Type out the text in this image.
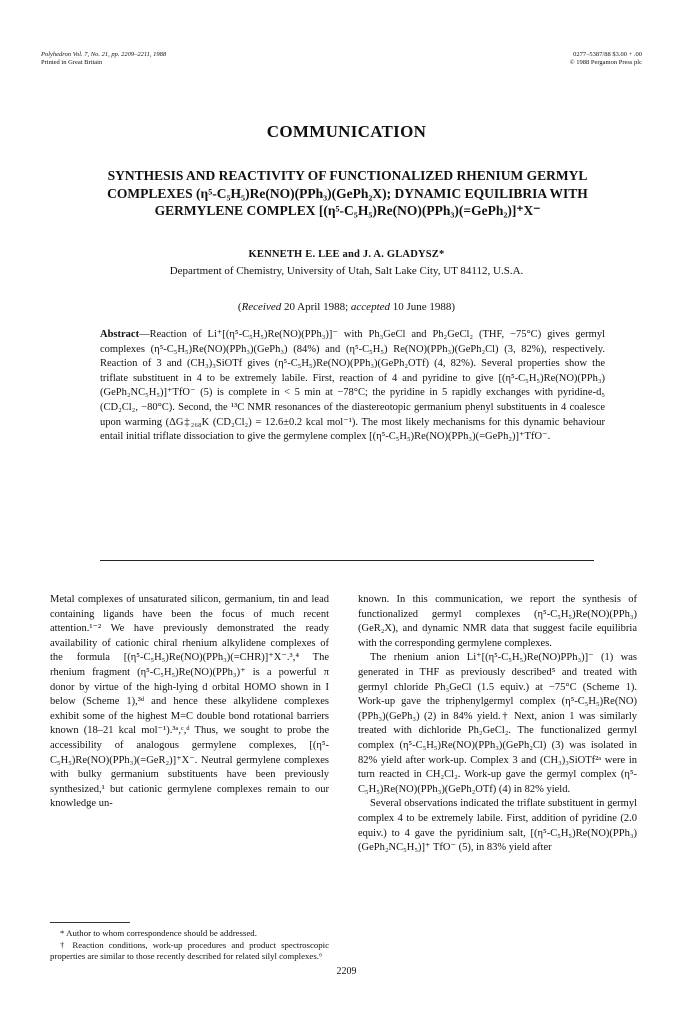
Polyhedron Vol. 7, No. 21, pp. 2209–2211, 1988
Printed in Great Britain
0277–5387/88 $3.00 + .00
© 1988 Pergamon Press plc
COMMUNICATION
SYNTHESIS AND REACTIVITY OF FUNCTIONALIZED RHENIUM GERMYL COMPLEXES (η⁵-C₅H₅)Re(NO)(PPh₃)(GePh₂X); DYNAMIC EQUILIBRIA WITH GERMYLENE COMPLEX [(η⁵-C₅H₅)Re(NO)(PPh₃)(=GePh₂)]⁺X⁻
KENNETH E. LEE and J. A. GLADYSZ*
Department of Chemistry, University of Utah, Salt Lake City, UT 84112, U.S.A.
(Received 20 April 1988; accepted 10 June 1988)
Abstract—Reaction of Li⁺[(η⁵-C₅H₅)Re(NO)(PPh₃)]⁻ with Ph₃GeCl and Ph₂GeCl₂ (THF, −75°C) gives germyl complexes (η⁵-C₅H₅)Re(NO)(PPh₃)(GePh₃) (84%) and (η⁵-C₅H₅) Re(NO)(PPh₃)(GePh₂Cl) (3, 82%), respectively. Reaction of 3 and (CH₃)₃SiOTf gives (η⁵-C₅H₅)Re(NO)(PPh₃)(GePh₂OTf) (4, 82%). Several properties show the triflate substituent in 4 to be extremely labile. First, reaction of 4 and pyridine to give [(η⁵-C₅H₅)Re(NO)(PPh₃)(GePh₂NC₅H₅)]⁺TfO⁻ (5) is complete in < 5 min at −78°C; the pyridine in 5 rapidly exchanges with pyridine-d₅ (CD₂Cl₂, −80°C). Second, the ¹³C NMR resonances of the diastereotopic germanium phenyl substituents in 4 coalesce upon warming (ΔG‡₂₆₈K (CD₂Cl₂) = 12.6±0.2 kcal mol⁻¹). The most likely mechanisms for this dynamic behaviour entail initial triflate dissociation to give the germylene complex [(η⁵-C₅H₅)Re(NO)(PPh₃)(=GePh₂)]⁺TfO⁻.

Metal complexes of unsaturated silicon, germanium, tin and lead containing ligands have been the focus of much recent attention.¹⁻² We have previously demonstrated the ready availability of cationic chiral rhenium alkylidene complexes of the formula [(η⁵-C₅H₅)Re(NO)(PPh₃)(=CHR)]⁺X⁻.³,⁴ The rhenium fragment (η⁵-C₅H₅)Re(NO)(PPh₃)⁺ is a powerful π donor by virtue of the high-lying d orbital HOMO shown in I below (Scheme 1),³ᵈ and hence these alkylidene complexes exhibit some of the highest M=C double bond rotational barriers known (18–21 kcal mol⁻¹).³ᵃ,ᶜ,ᵈ Thus, we sought to probe the accessibility of analogous germylene complexes, [(η⁵-C₅H₅)Re(NO)(PPh₃)(=GeR₂)]⁺X⁻. Neutral germylene complexes with bulky germanium substituents have been previously synthesized,¹ but cationic germylene complexes remain to our knowledge un-

known. In this communication, we report the synthesis of functionalized germyl complexes (η⁵-C₅H₅)Re(NO)(PPh₃)(GeR₂X), and dynamic NMR data that suggest facile equilibria with the corresponding germylene complexes.

The rhenium anion Li⁺[(η⁵-C₅H₅)Re(NO)PPh₃)]⁻ (1) was generated in THF as previously described⁵ and treated with germyl chloride Ph₃GeCl (1.5 equiv.) at −75°C (Scheme 1). Work-up gave the triphenylgermyl complex (η⁵-C₅H₅)Re(NO)(PPh₃)(GePh₃) (2) in 84% yield.† Next, anion 1 was similarly treated with dichloride Ph₂GeCl₂. The functionalized germyl complex (η⁵-C₅H₅)Re(NO)(PPh₃)(GePh₂Cl) (3) was isolated in 82% yield after work-up. Complex 3 and (CH₃)₃SiOTf²ᵃ were in turn reacted in CH₂Cl₂. Work-up gave the germyl complex (η⁵-C₅H₅)Re(NO)(PPh₃)(GePh₂OTf) (4) in 82% yield.

Several observations indicated the triflate substituent in germyl complex 4 to be extremely labile. First, addition of pyridine (2.0 equiv.) to 4 gave the pyridinium salt, [(η⁵-C₅H₅)Re(NO)(PPh₃)(GePh₂NC₅H₅)]⁺ TfO⁻ (5), in 83% yield after

* Author to whom correspondence should be addressed.

† Reaction conditions, work-up procedures and product spectroscopic properties are similar to those recently described for related silyl complexes.⁶

2209
